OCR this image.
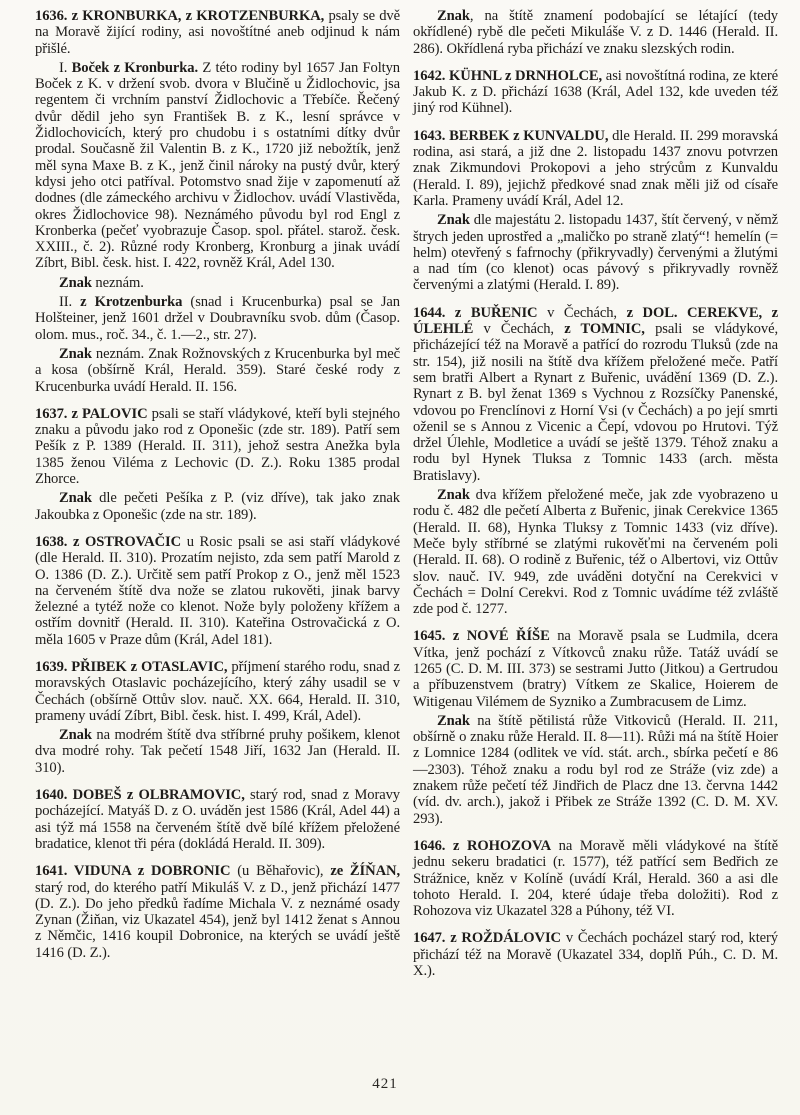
1636. z KRONBURKA, z KROTZENBURKA, psaly se dvě na Moravě žijící rodiny, asi novoštítné aneb odjinud k nám přišlé.

I. Boček z Kronburka. Z této rodiny byl 1657 Jan Foltyn Boček z K. v držení svob. dvora v Blučině u Židlochovic, jsa regentem či vrchním panství Židlochovic a Třebíče. Řečený dvůr dědil jeho syn František B. z K., lesní správce v Židlochovicích, který pro chudobu i s ostatními dítky dvůr prodal. Současně žil Valentin B. z K., 1720 již nebožtík, jenž měl syna Maxe B. z K., jenž činil nároky na pustý dvůr, který kdysi jeho otci patříval. Potomstvo snad žije v zapomenutí až dodnes (dle zámeckého archivu v Židlochov. uvádí Vlastivěda, okres Židlochovice 98). Neznámého původu byl rod Engl z Kronberka (pečeť vyobrazuje Časop. spol. přátel. starož. česk. XXIII., č. 2). Různé rody Kronberg, Kronburg a jinak uvádí Zíbrt, Bibl. česk. hist. I. 422, rovněž Král, Adel 130.

Znak neznám.

II. z Krotzenburka (snad i Krucenburka) psal se Jan Holšteiner, jenž 1601 držel v Doubravníku svob. dům (Časop. olom. mus., roč. 34., č. 1.—2., str. 27).

Znak neznám. Znak Rožnovských z Krucenburka byl meč a kosa (obšírně Král, Herald. 359). Staré české rody z Krucenburka uvádí Herald. II. 156.

1637. z PALOVIC psali se staří vládykové, kteří byli stejného znaku a původu jako rod z Oponešic (zde str. 189). Patří sem Pešík z P. 1389 (Herald. II. 311), jehož sestra Anežka byla 1385 ženou Viléma z Lechovic (D. Z.). Roku 1385 prodal Zhorce.

Znak dle pečeti Pešíka z P. (viz dříve), tak jako znak Jakoubka z Oponešic (zde na str. 189).

1638. z OSTROVAČIC u Rosic psali se asi staří vládykové (dle Herald. II. 310). Prozatím nejisto, zda sem patří Marold z O. 1386 (D. Z.). Určitě sem patří Prokop z O., jenž měl 1523 na červeném štítě dva nože se zlatou rukověti, jinak barvy železné a tytéž nože co klenot. Nože byly položeny křížem a ostřím dovnitř (Herald. II. 310). Kateřina Ostrovačická z O. měla 1605 v Praze dům (Král, Adel 181).

1639. PŘIBEK z OTASLAVIC, příjmení starého rodu, snad z moravských Otaslavic pocházejícího, který záhy usadil se v Čechách (obšírně Ottův slov. nauč. XX. 664, Herald. II. 310, prameny uvádí Zíbrt, Bibl. česk. hist. I. 499, Král, Adel).

Znak na modrém štítě dva stříbrné pruhy pošikem, klenot dva modré rohy. Tak pečetí 1548 Jiří, 1632 Jan (Herald. II. 310).

1640. DOBEŠ z OLBRAMOVIC, starý rod, snad z Moravy pocházející. Matyáš D. z O. uváděn jest 1586 (Král, Adel 44) a asi týž má 1558 na červeném štítě dvě bílé křížem přeložené bradatice, klenot tři péra (dokládá Herald. II. 309).

1641. VIDUNA z DOBRONIC (u Běhařovic), ze ŽÍŇAN, starý rod, do kterého patří Mikuláš V. z D., jenž přichází 1477 (D. Z.). Do jeho předků řadíme Michala V. z neznámé osady Zynan (Žiňan, viz Ukazatel 454), jenž byl 1412 ženat s Annou z Němčic, 1416 koupil Dobronice, na kterých se uvádí ještě 1416 (D. Z.).

Znak, na štítě znamení podobající se létající (tedy okřídlené) rybě dle pečeti Mikuláše V. z D. 1446 (Herald. II. 286). Okřídlená ryba přichází ve znaku slezských rodin.

1642. KÜHNL z DRNHOLCE, asi novoštítná rodina, ze které Jakub K. z D. přichází 1638 (Král, Adel 132, kde uveden též jiný rod Kühnel).

1643. BERBEK z KUNVALDU, dle Herald. II. 299 moravská rodina, asi stará, a již dne 2. listopadu 1437 znovu potvrzen znak Zikmundovi Prokopovi a jeho strýcům z Kunvaldu (Herald. I. 89), jejichž předkové snad znak měli již od císaře Karla. Prameny uvádí Král, Adel 12.

Znak dle majestátu 2. listopadu 1437, štít červený, v němž štrych jeden uprostřed a „maličko po straně zlatý“! hemelín (= helm) otevřený s fafrnochy (přikryvadly) červenými a žlutými a nad tím (co klenot) ocas pávový s přikryvadly rovněž červenými a zlatými (Herald. I. 89).

1644. z BUŘENIC v Čechách, z DOL. CEREKVE, z ÚLEHLÉ v Čechách, z TOMNIC, psali se vládykové, přicházející též na Moravě a patřící do rozrodu Tluksů (zde na str. 154), již nosili na štítě dva křížem přeložené meče. Patří sem bratři Albert a Rynart z Buřenic, uvádění 1369 (D. Z.). Rynart z B. byl ženat 1369 s Vychnou z Rozsíčky Panenské, vdovou po Frenclínovi z Horní Vsi (v Čechách) a po její smrti oženil se s Annou z Vicenic a Čepí, vdovou po Hrutovi. Týž držel Úlehle, Modletice a uvádí se ještě 1379. Téhož znaku a rodu byl Hynek Tluksa z Tomnic 1433 (arch. města Bratislavy).

Znak dva křížem přeložené meče, jak zde vyobrazeno u rodu č. 482 dle pečetí Alberta z Buřenic, jinak Cerekvice 1365 (Herald. II. 68), Hynka Tluksy z Tomnic 1433 (viz dříve). Meče byly stříbrné se zlatými rukověťmi na červeném poli (Herald. II. 68). O rodině z Buřenic, též o Albertovi, viz Ottův slov. nauč. IV. 949, zde uváděni dotyční na Cerekvici v Čechách = Dolní Cerekvi. Rod z Tomnic uvádíme též zvláště zde pod č. 1277.

1645. z NOVÉ ŘÍŠE na Moravě psala se Ludmila, dcera Vítka, jenž pochází z Vítkovců znaku růže. Tatáž uvádí se 1265 (C. D. M. III. 373) se sestrami Jutto (Jitkou) a Gertrudou a příbuzenstvem (bratry) Vítkem ze Skalice, Hoierem de Witigenau Vilémem de Syzniko a Zumbracusem de Limz.

Znak na štítě pětilistá růže Vitkoviců (Herald. II. 211, obšírně o znaku růže Herald. II. 8—11). Růži má na štítě Hoier z Lomnice 1284 (odlitek ve víd. stát. arch., sbírka pečetí e 86—2303). Téhož znaku a rodu byl rod ze Stráže (viz zde) a znakem růže pečetí též Jindřich de Placz dne 13. června 1442 (víd. dv. arch.), jakož i Přibek ze Stráže 1392 (C. D. M. XV. 293).

1646. z ROHOZOVA na Moravě měli vládykové na štítě jednu sekeru bradatici (r. 1577), též patřící sem Bedřich ze Strážnice, kněz v Kolíně (uvádí Král, Herald. 360 a asi dle tohoto Herald. I. 204, které údaje třeba doložiti). Rod z Rohozova viz Ukazatel 328 a Púhony, též VI.

1647. z ROŽDÁLOVIC v Čechách pocházel starý rod, který přichází též na Moravě (Ukazatel 334, doplň Púh., C. D. M. X.).

421
